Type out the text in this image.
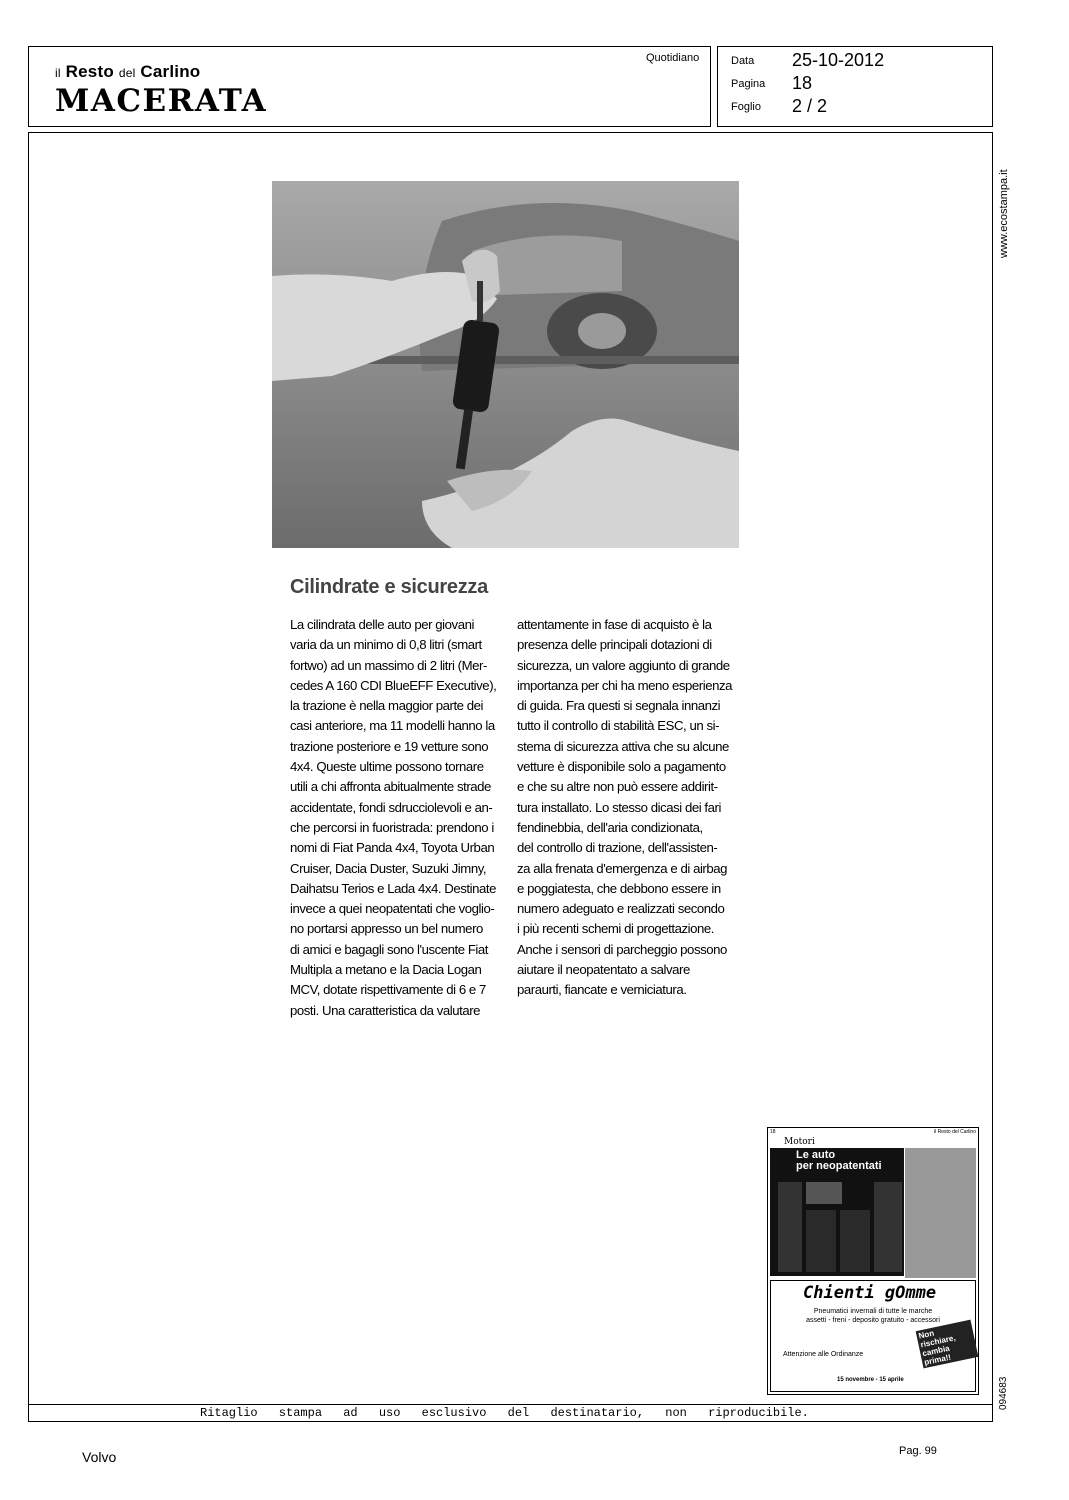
il Resto del Carlino
MACERATA
Quotidiano	Data 25-10-2012
Pagina 18
Foglio 2 / 2
www.ecostampa.it
094683
Cilindrate e sicurezza
La cilindrata delle auto per giovani
varia da un minimo di 0,8 litri (smart
fortwo) ad un massimo di 2 litri (Mer-
cedes A 160 CDI BlueEFF Executive),
la trazione è nella maggior parte dei
casi anteriore, ma 11 modelli hanno la
trazione posteriore e 19 vetture sono
4x4. Queste ultime possono tornare
utili a chi affronta abitualmente strade
accidentate, fondi sdrucciolevoli e an-
che percorsi in fuoristrada: prendono i
nomi di Fiat Panda 4x4, Toyota Urban
Cruiser, Dacia Duster, Suzuki Jimny,
Daihatsu Terios e Lada 4x4. Destinate
invece a quei neopatentati che voglio-
no portarsi appresso un bel numero
di amici e bagagli sono l'uscente Fiat
Multipla a metano e la Dacia Logan
MCV, dotate rispettivamente di 6 e 7
posti. Una caratteristica da valutare
attentamente in fase di acquisto è la
presenza delle principali dotazioni di
sicurezza, un valore aggiunto di grande
importanza per chi ha meno esperienza
di guida. Fra questi si segnala innanzi
tutto il controllo di stabilità ESC, un si-
stema di sicurezza attiva che su alcune
vetture è disponibile solo a pagamento
e che su altre non può essere addirit-
tura installato. Lo stesso dicasi dei fari
fendinebbia, dell'aria condizionata,
del controllo di trazione, dell'assisten-
za alla frenata d'emergenza e di airbag
e poggiatesta, che debbono essere in
numero adeguato e realizzati secondo
i più recenti schemi di progettazione.
Anche i sensori di parcheggio possono
aiutare il neopatentato a salvare
paraurti, fiancate e verniciatura.
18	il Resto del Carlino
Motori
Le auto
per neopatentati
Chienti gOmme
Pneumatici invernali di tutte le marche
assetti - freni - deposito gratuito - accessori
Non rischiare, cambia prima!!
Attenzione alle Ordinanze
15 novembre - 15 aprile
Ritaglio stampa ad uso esclusivo del destinatario, non riproducibile.
Volvo	Pag. 99
